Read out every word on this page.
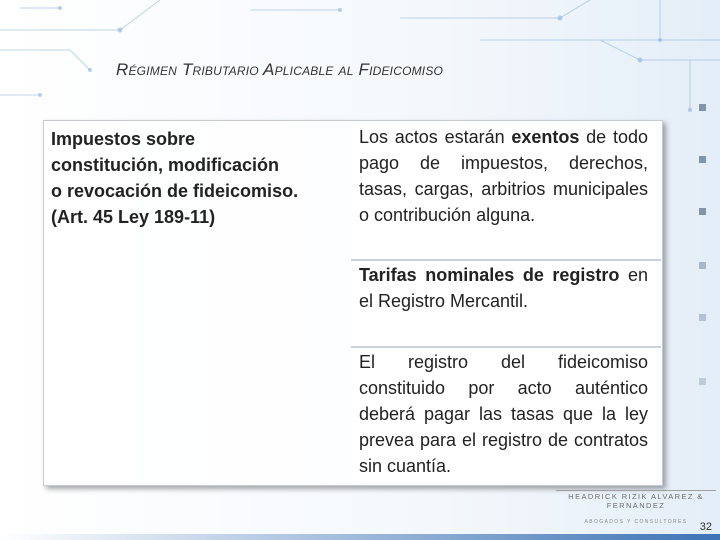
Régimen Tributario Aplicable al Fideicomiso
Impuestos sobre
constitución, modificación
o revocación de fideicomiso.
(Art. 45 Ley 189-11)
Los actos estarán exentos de todo pago de impuestos, derechos, tasas, cargas, arbitrios municipales o contribución alguna.
Tarifas nominales de registro en el Registro Mercantil.
El registro del fideicomiso constituido por acto auténtico deberá pagar las tasas que la ley prevea para el registro de contratos sin cuantía.
HEADRICK RIZIK ALVAREZ & FERNANDEZ
ABOGADOS Y CONSULTORES	32
